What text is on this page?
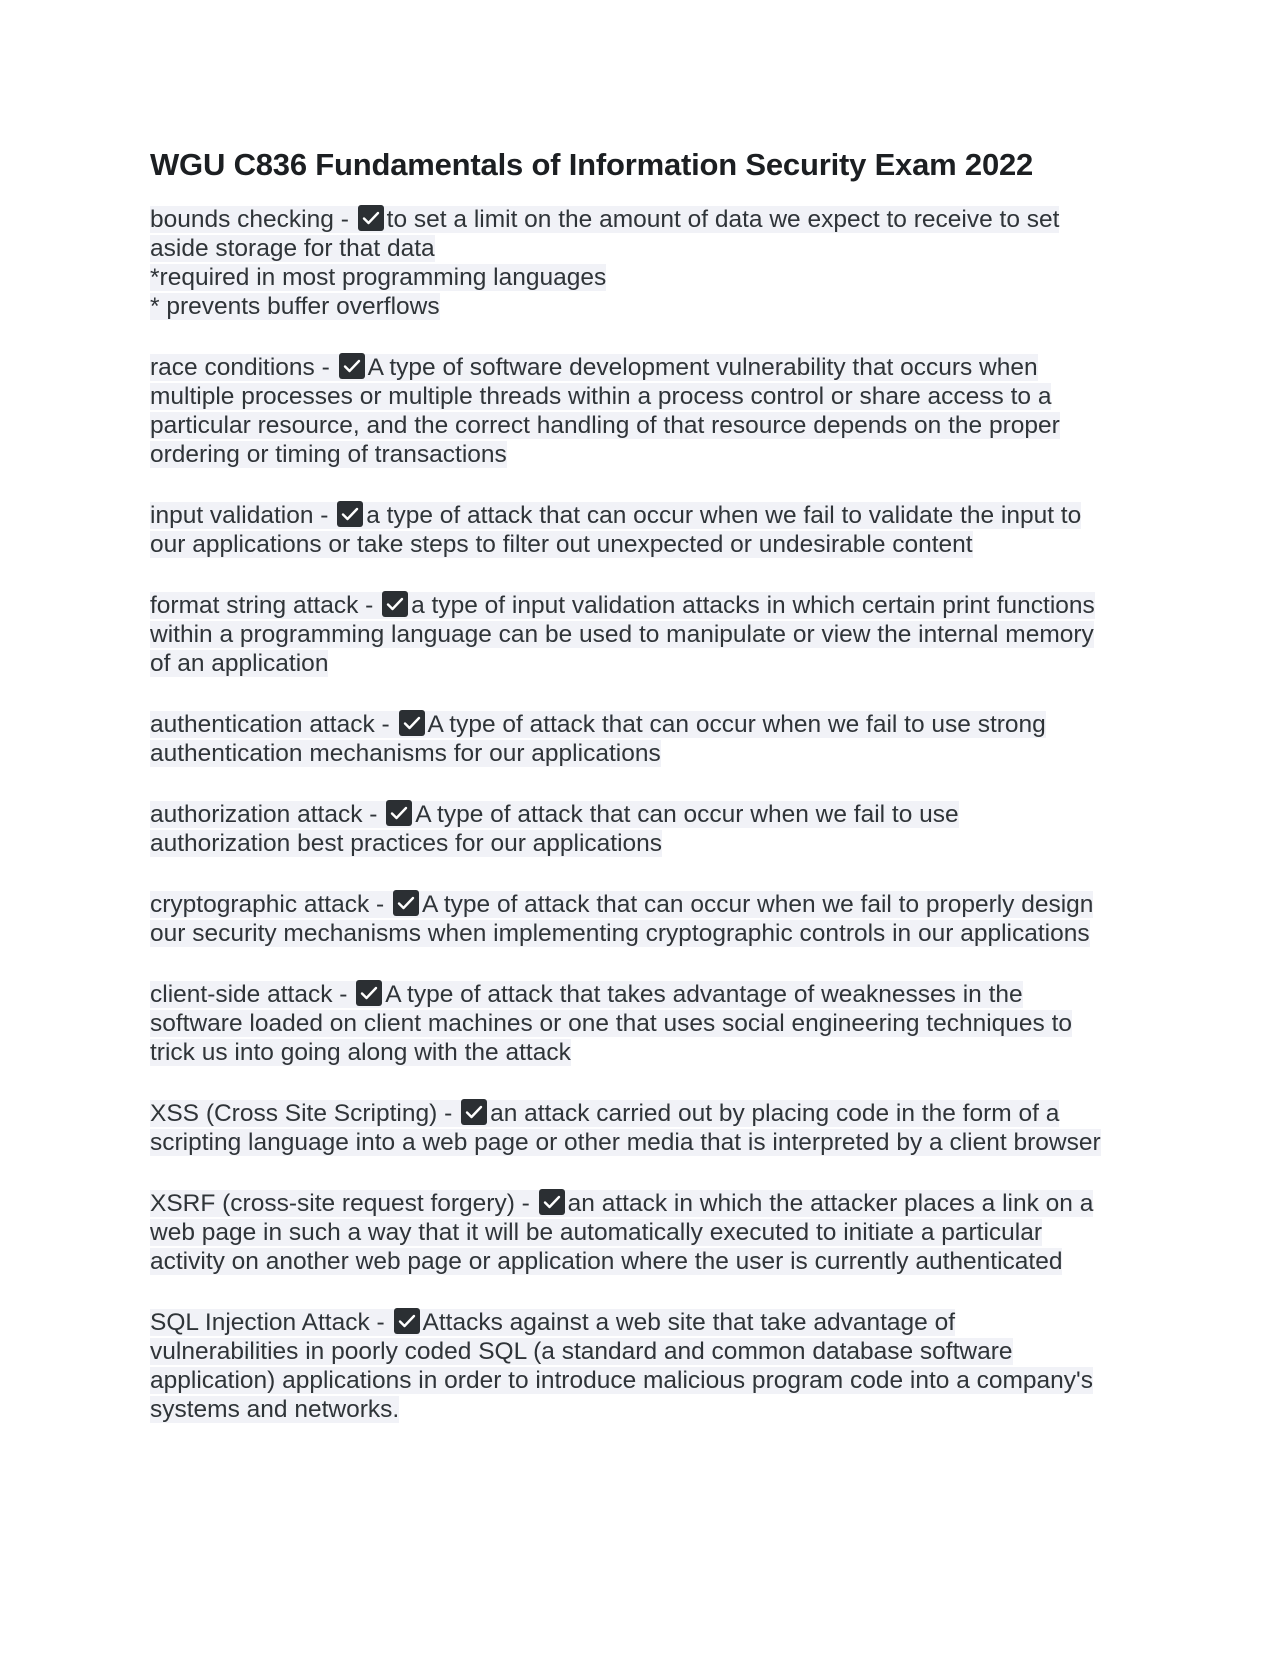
WGU C836 Fundamentals of Information Security Exam 2022
bounds checking - to set a limit on the amount of data we expect to receive to set
aside storage for that data
*required in most programming languages
* prevents buffer overflows
race conditions - A type of software development vulnerability that occurs when
multiple processes or multiple threads within a process control or share access to a
particular resource, and the correct handling of that resource depends on the proper
ordering or timing of transactions
input validation - a type of attack that can occur when we fail to validate the input to
our applications or take steps to filter out unexpected or undesirable content
format string attack - a type of input validation attacks in which certain print functions
within a programming language can be used to manipulate or view the internal memory
of an application
authentication attack - A type of attack that can occur when we fail to use strong
authentication mechanisms for our applications
authorization attack - A type of attack that can occur when we fail to use
authorization best practices for our applications
cryptographic attack - A type of attack that can occur when we fail to properly design
our security mechanisms when implementing cryptographic controls in our applications
client-side attack - A type of attack that takes advantage of weaknesses in the
software loaded on client machines or one that uses social engineering techniques to
trick us into going along with the attack
XSS (Cross Site Scripting) - an attack carried out by placing code in the form of a
scripting language into a web page or other media that is interpreted by a client browser
XSRF (cross-site request forgery) - an attack in which the attacker places a link on a
web page in such a way that it will be automatically executed to initiate a particular
activity on another web page or application where the user is currently authenticated
SQL Injection Attack - Attacks against a web site that take advantage of
vulnerabilities in poorly coded SQL (a standard and common database software
application) applications in order to introduce malicious program code into a company's
systems and networks.
